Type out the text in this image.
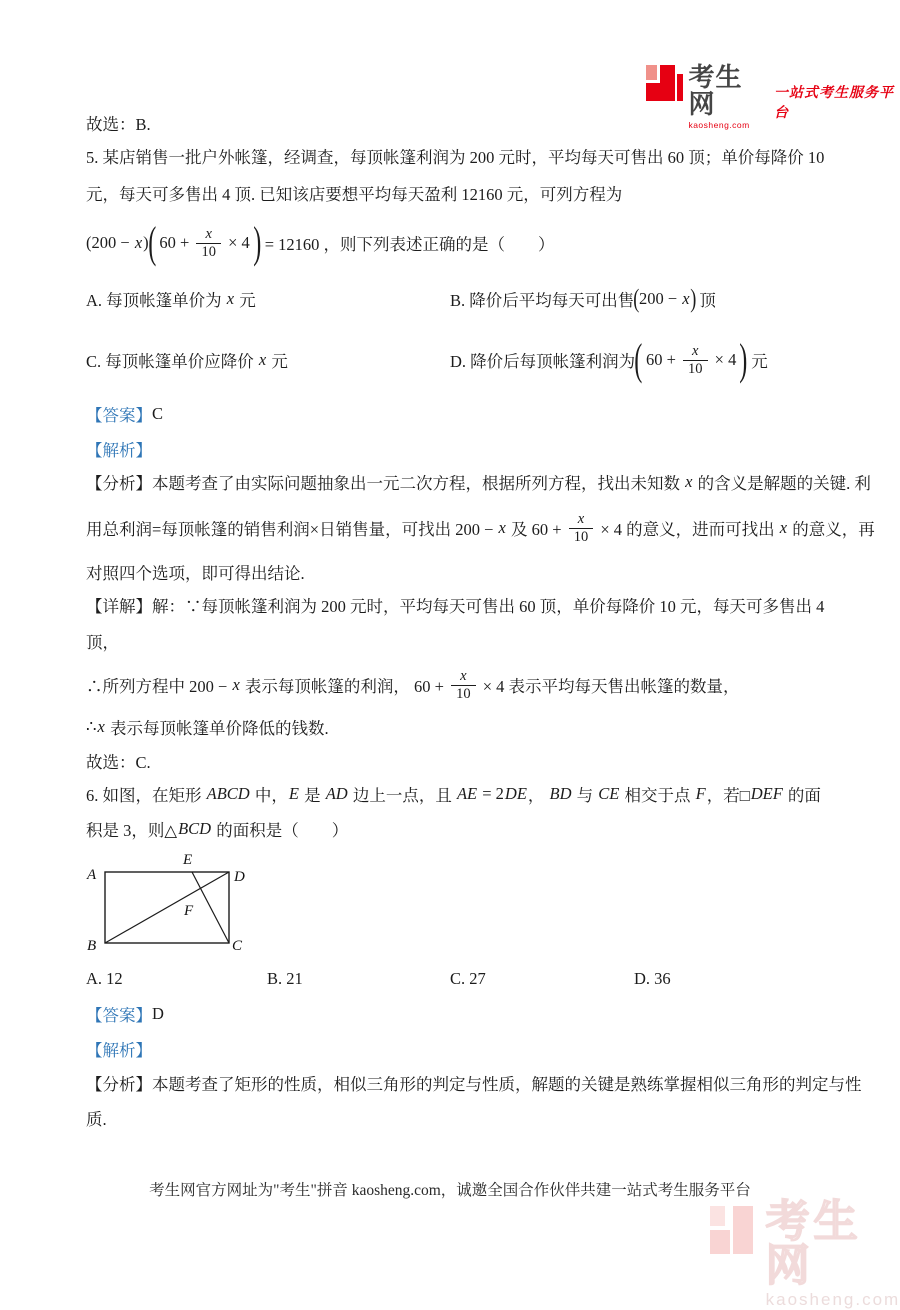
考生网
kaosheng.com
一站式考生服务平台
故选：B.
5. 某店销售一批户外帐篷，经调查，每顶帐篷利润为 200 元时，平均每天可售出 60 顶；单价每降价 10
元，每天可多售出 4 顶. 已知该店要想平均每天盈利 12160 元，可列方程为
(200 − x ) ( $60 + \frac{x}{10} \times 4$ ) = 12160 ，则下列表述正确的是（　　）
A. 每顶帐篷单价为 x 元	B. 降价后平均每天可出售 ( 200 − x ) 顶
C. 每顶帐篷单价应降价 x 元	D. 降价后每顶帐篷利润为 ( $60 + \frac{x}{10} \times 4$ ) 元
【答案】 C
【解析】
【分析】本题考查了由实际问题抽象出一元二次方程，根据所列方程，找出未知数 x 的含义是解题的关键. 利
用总利润=每顶帐篷的销售利润×日销售量，可找出 200 − x 及 $60 + \frac{x}{10} \times 4$ 的意义，进而可找出 x 的意义，再
对照四个选项，即可得出结论.
【详解】解：∵每顶帐篷利润为 200 元时，平均每天可售出 60 顶，单价每降价 10 元，每天可多售出 4
顶，
∴所列方程中 200 − x 表示每顶帐篷的利润， $60 + \frac{x}{10} \times 4$ 表示平均每天售出帐篷的数量，
∴ x 表示每顶帐篷单价降低的钱数.
故选：C.
6. 如图，在矩形 ABCD 中， E 是 AD 边上一点，且 AE = 2 DE ， BD 与 CE 相交于点 F ，若□ DEF 的面
积是 3，则△ BCD 的面积是（　　）
A. 12	B. 21	C. 27	D. 36
【答案】 D
【解析】
【分析】本题考查了矩形的性质，相似三角形的判定与性质，解题的关键是熟练掌握相似三角形的判定与性
质.
A
E
D
F
B	C
考生网官方网址为"考生"拼音 kaosheng.com，诚邀全国合作伙伴共建一站式考生服务平台
考生网
kaosheng.com
